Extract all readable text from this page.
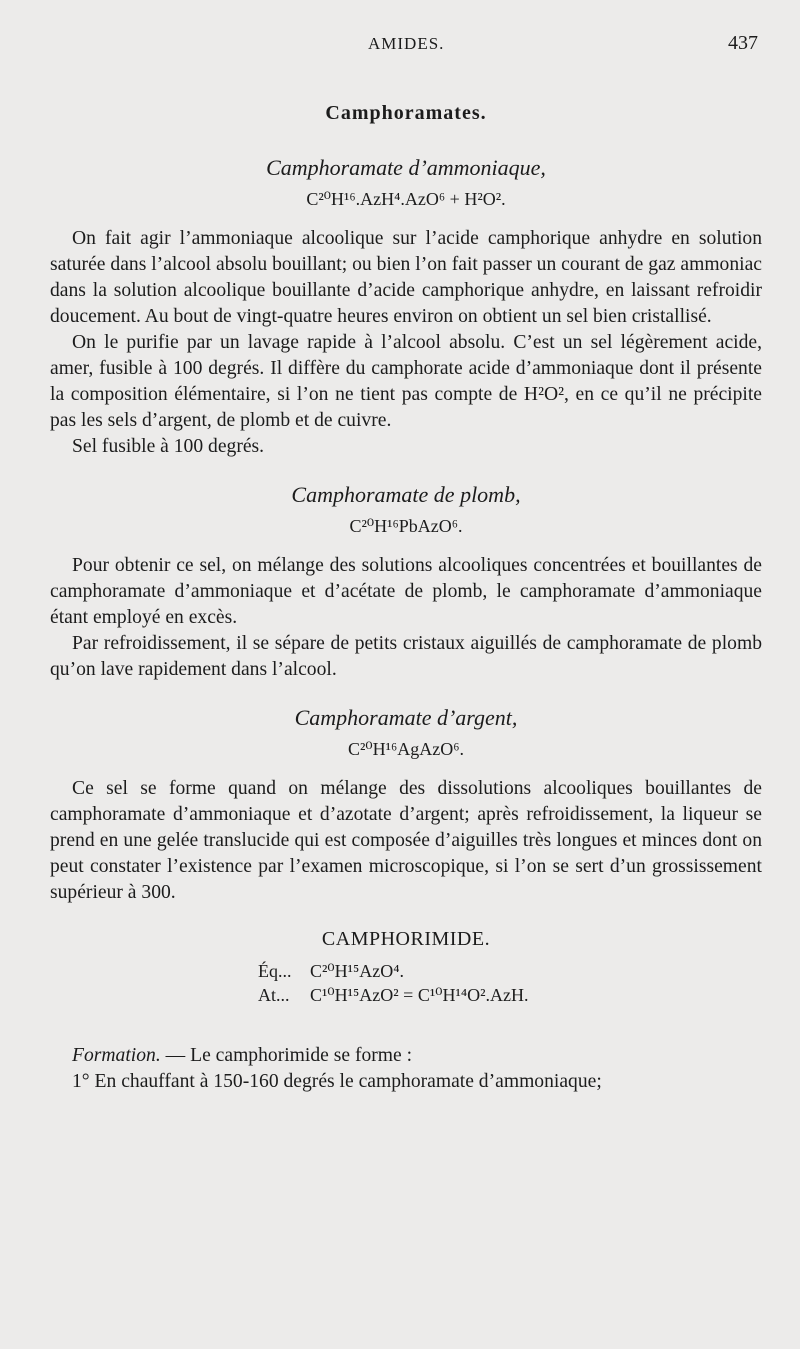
AMIDES.	437
Camphoramates.
Camphoramate d’ammoniaque,
C²⁰H¹⁶.AzH⁴.AzO⁶ + H²O².

On fait agir l’ammoniaque alcoolique sur l’acide camphorique anhydre en solution saturée dans l’alcool absolu bouillant; ou bien l’on fait passer un courant de gaz ammoniac dans la solution alcoolique bouillante d’acide camphorique anhydre, en laissant refroidir doucement. Au bout de vingt-quatre heures environ on obtient un sel bien cristallisé.

On le purifie par un lavage rapide à l’alcool absolu. C’est un sel légèrement acide, amer, fusible à 100 degrés. Il diffère du camphorate acide d’ammoniaque dont il présente la composition élémentaire, si l’on ne tient pas compte de H²O², en ce qu’il ne précipite pas les sels d’argent, de plomb et de cuivre.

Sel fusible à 100 degrés.

Camphoramate de plomb,
C²⁰H¹⁶PbAzO⁶.

Pour obtenir ce sel, on mélange des solutions alcooliques concentrées et bouillantes de camphoramate d’ammoniaque et d’acétate de plomb, le camphoramate d’ammoniaque étant employé en excès.

Par refroidissement, il se sépare de petits cristaux aiguillés de camphoramate de plomb qu’on lave rapidement dans l’alcool.

Camphoramate d’argent,
C²⁰H¹⁶AgAzO⁶.

Ce sel se forme quand on mélange des dissolutions alcooliques bouillantes de camphoramate d’ammoniaque et d’azotate d’argent; après refroidissement, la liqueur se prend en une gelée translucide qui est composée d’aiguilles très longues et minces dont on peut constater l’existence par l’examen microscopique, si l’on se sert d’un grossissement supérieur à 300.

CAMPHORIMIDE.
Éq... C²⁰H¹⁵AzO⁴.
At... C¹⁰H¹⁵AzO² = C¹⁰H¹⁴O².AzH.
Formation. — Le camphorimide se forme :
1° En chauffant à 150-160 degrés le camphoramate d’ammoniaque;
